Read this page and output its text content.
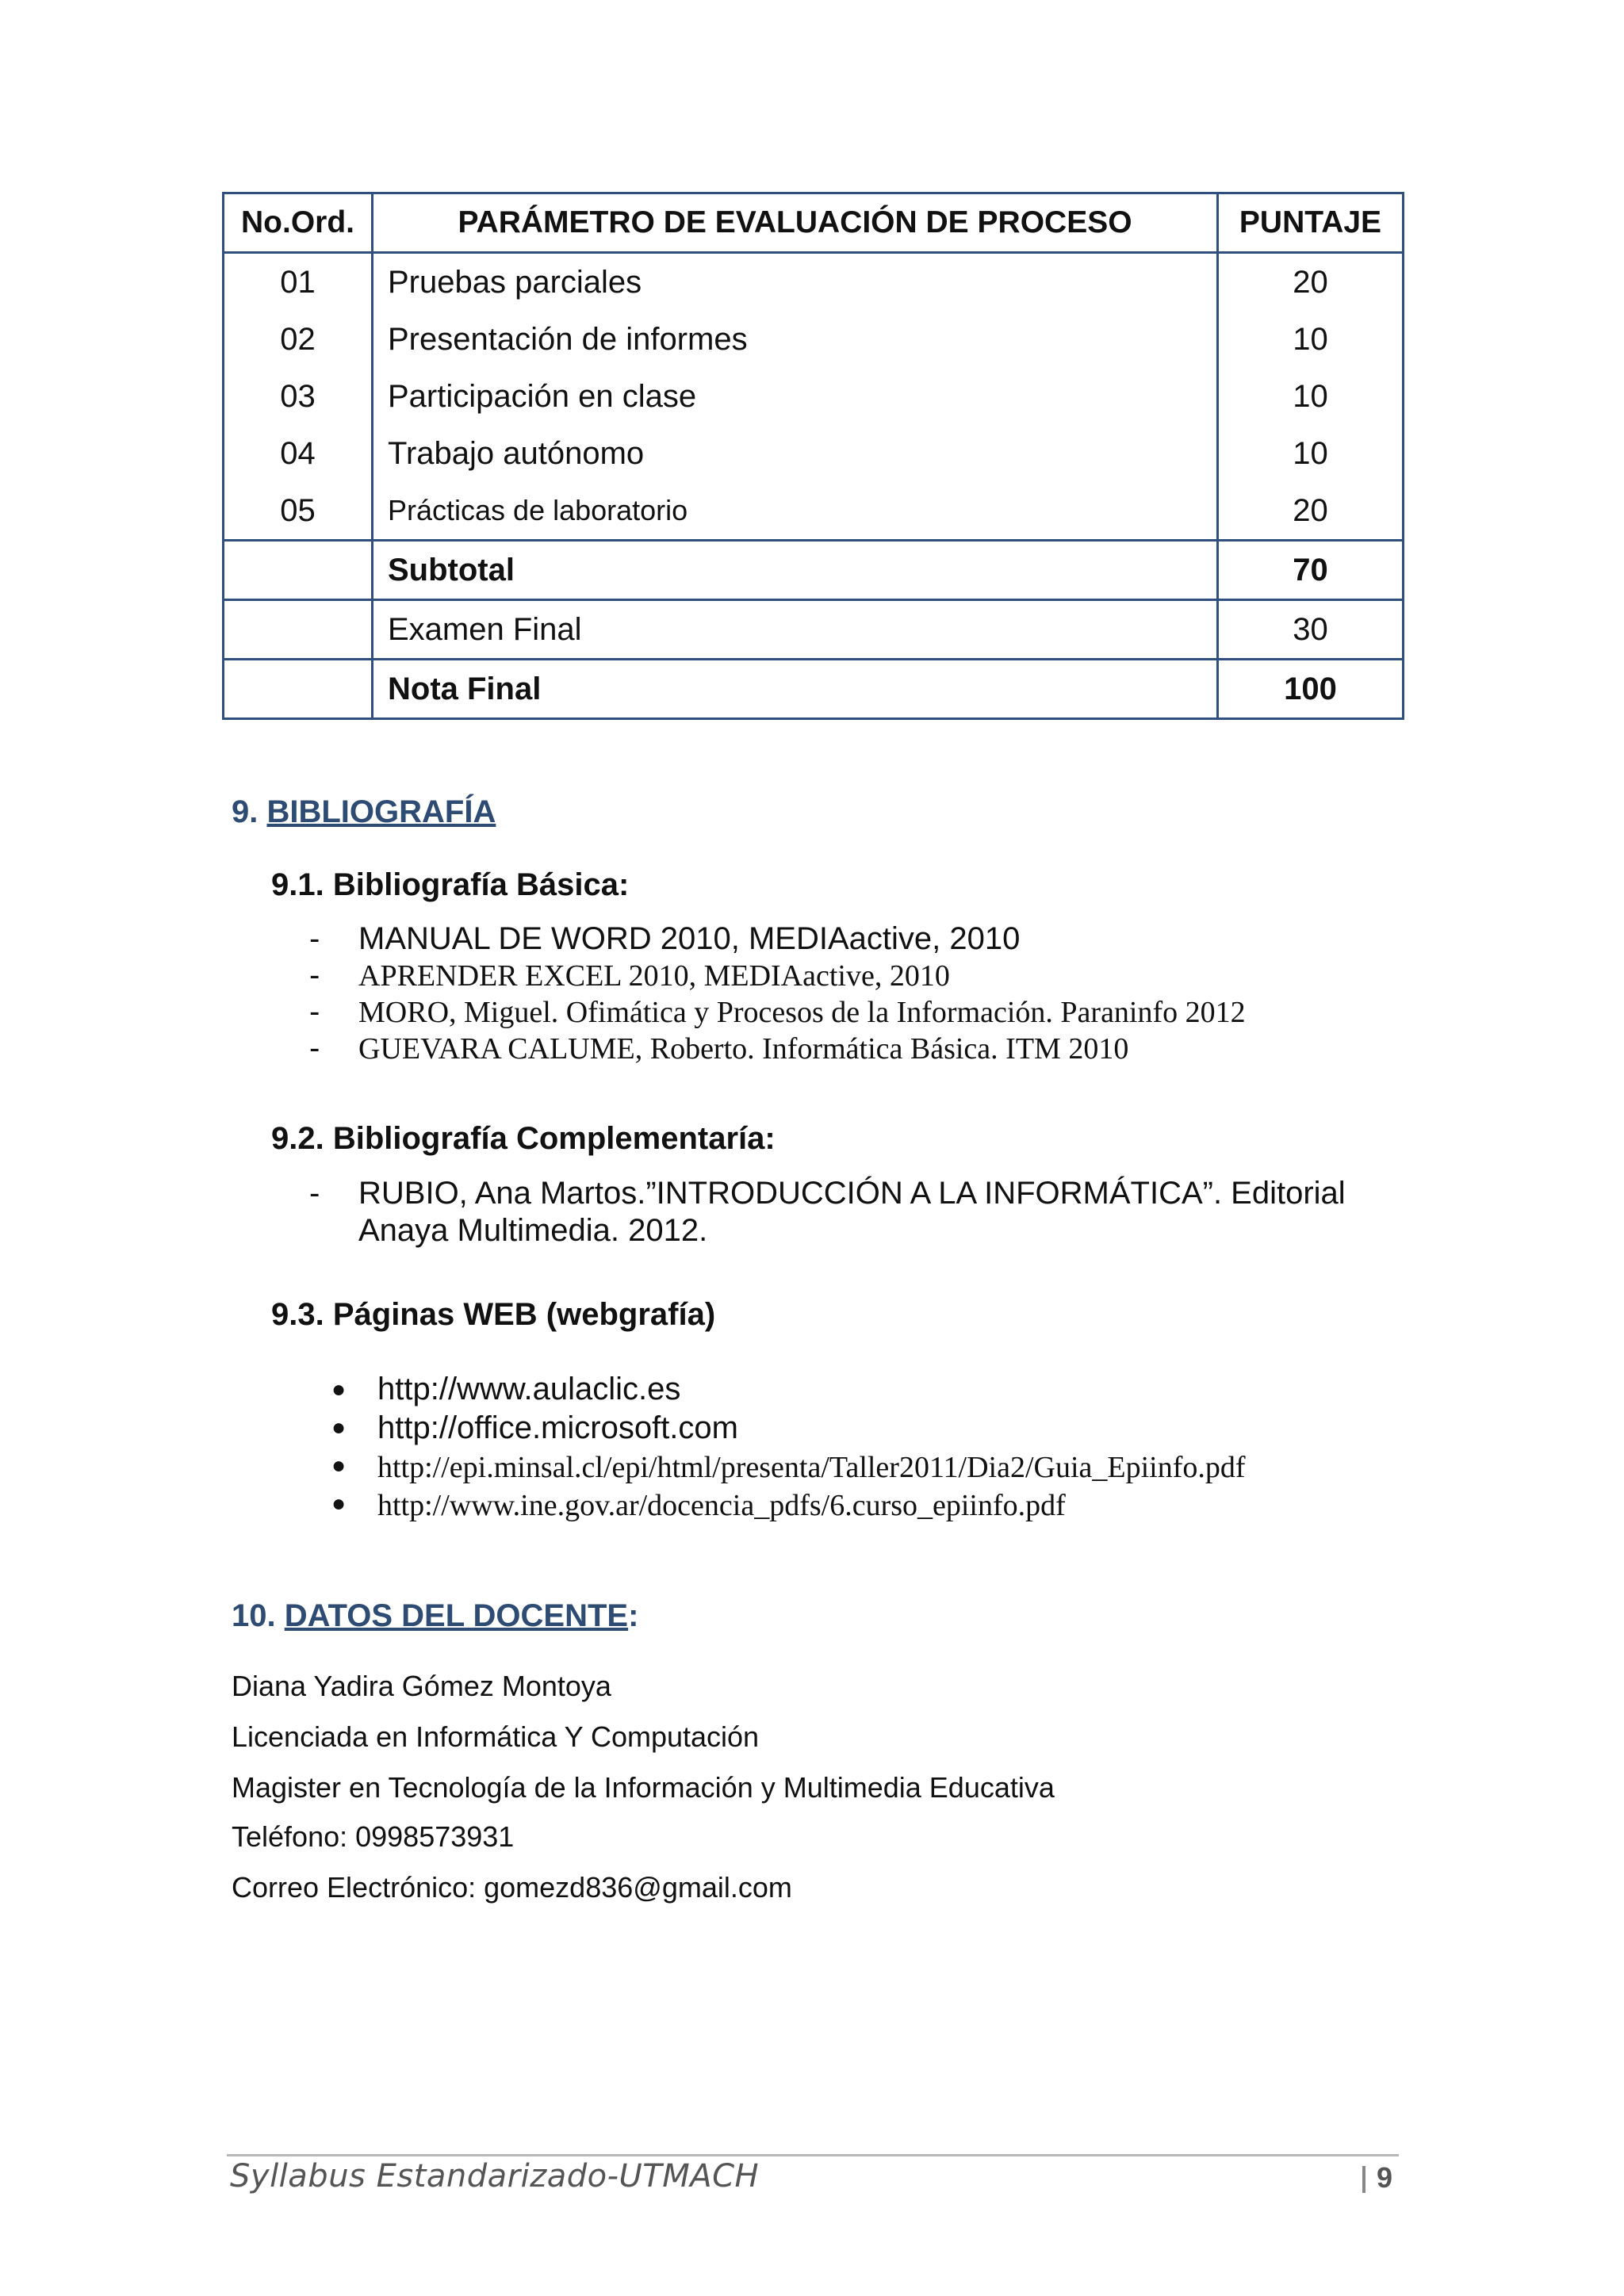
No.Ord.	PARÁMETRO DE EVALUACIÓN DE PROCESO	PUNTAJE
01	Pruebas parciales	20
02	Presentación de informes	10
03	Participación en clase	10
04	Trabajo autónomo	10
05	Prácticas de laboratorio	20
	Subtotal	70
	Examen Final	30
	Nota Final	100
9. BIBLIOGRAFÍA
9.1. Bibliografía Básica:
- MANUAL DE WORD 2010, MEDIAactive, 2010
- APRENDER EXCEL 2010, MEDIAactive, 2010
- MORO, Miguel. Ofimática y Procesos de la Información. Paraninfo 2012
- GUEVARA CALUME, Roberto. Informática Básica. ITM 2010
9.2. Bibliografía Complementaría:
- RUBIO, Ana Martos.”INTRODUCCIÓN A LA INFORMÁTICA”. Editorial
Anaya Multimedia. 2012.
9.3. Páginas WEB (webgrafía)
● http://www.aulaclic.es
● http://office.microsoft.com
● http://epi.minsal.cl/epi/html/presenta/Taller2011/Dia2/Guia_Epiinfo.pdf
● http://www.ine.gov.ar/docencia_pdfs/6.curso_epiinfo.pdf
10. DATOS DEL DOCENTE:
Diana Yadira Gómez Montoya
Licenciada en Informática Y Computación
Magister en Tecnología de la Información y Multimedia Educativa
Teléfono: 0998573931
Correo Electrónico: gomezd836@gmail.com
Syllabus Estandarizado-UTMACH	9
